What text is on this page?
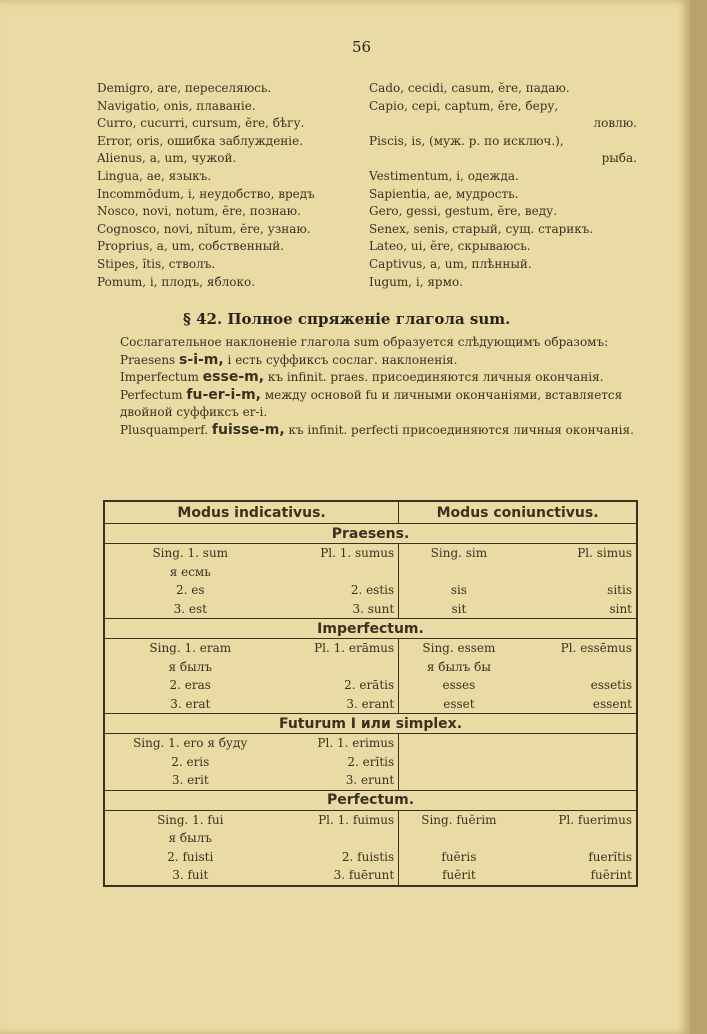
56
Demigro, are, переселяюсь.
Navigatio, onis, плаванie.
Curro, cucurri, cursum, ĕre, бѣгу.
Error, oris, ошибка заблужденіе.
Alienus, a, um, чужой.
Lingua, ae, языкъ.
Incommŏdum, i, неудобство, вредъ
Nosco, novi, notum, ĕre, познаю.
Cognosco, novi, nĭtum, ĕre, узнаю.
Proprius, a, um, собственный.
Stipes, ĭtis, стволъ.
Pomum, i, плодъ, яблоко.
Cado, cecidi, casum, ĕre, падаю.
Capio, cepi, captum, ĕre, беру,
ловлю.
Piscis, is, (муж. р. по исключ.),
рыба.
Vestimentum, i, одежда.
Sapientia, ae, мудрость.
Gero, gessi, gestum, ĕre, веду.
Senex, senis, старый, сущ. старикъ.
Lateo, ui, ĕre, скрываюсь.
Captivus, a, um, плѣнный.
Iugum, i, ярмо.
§ 42. Полное спряженіе глагола sum.
Сослагательное наклоненіе глагола sum образуется слѣдующимъ образомъ:
Praesens s-i-m, i есть суффиксъ сослаг. наклоненія.
Imperfectum esse-m, къ infinit. praes. присоединяются личныя окончанія.
Perfectum fu-er-i-m, между основой fu и личными окончаніями, вставляется двойной суффиксъ er-i.
Plusquamperf. fuisse-m, къ infinit. perfecti присоединяются личныя окончанія.
Modus indicativus.		Modus coniunctivus.	
Praesens.			
Sing. 1. sum	Pl. 1. sumus	Sing. sim	Pl. simus
я есмь			
2. es	2. estis	sis	sitis
3. est	3. sunt	sit	sint
Imperfectum.			
Sing. 1. eram	Pl. 1. erāmus	Sing. essem	Pl. essēmus
я былъ		я былъ бы	
2. eras	2. erātis	esses	essetis
3. erat	3. erant	esset	essent
Futurum I или simplex.			
Sing. 1. ero я буду	Pl. 1. erimus		
2. eris	2. erĭtis		
3. erit	3. erunt		
Perfectum.			
Sing. 1. fui	Pl. 1. fuimus	Sing. fuĕrim	Pl. fuerimus
я былъ			
2. fuisti	2. fuistis	fuĕris	fuerĭtis
3. fuit	3. fuērunt	fuĕrit	fuĕrint
